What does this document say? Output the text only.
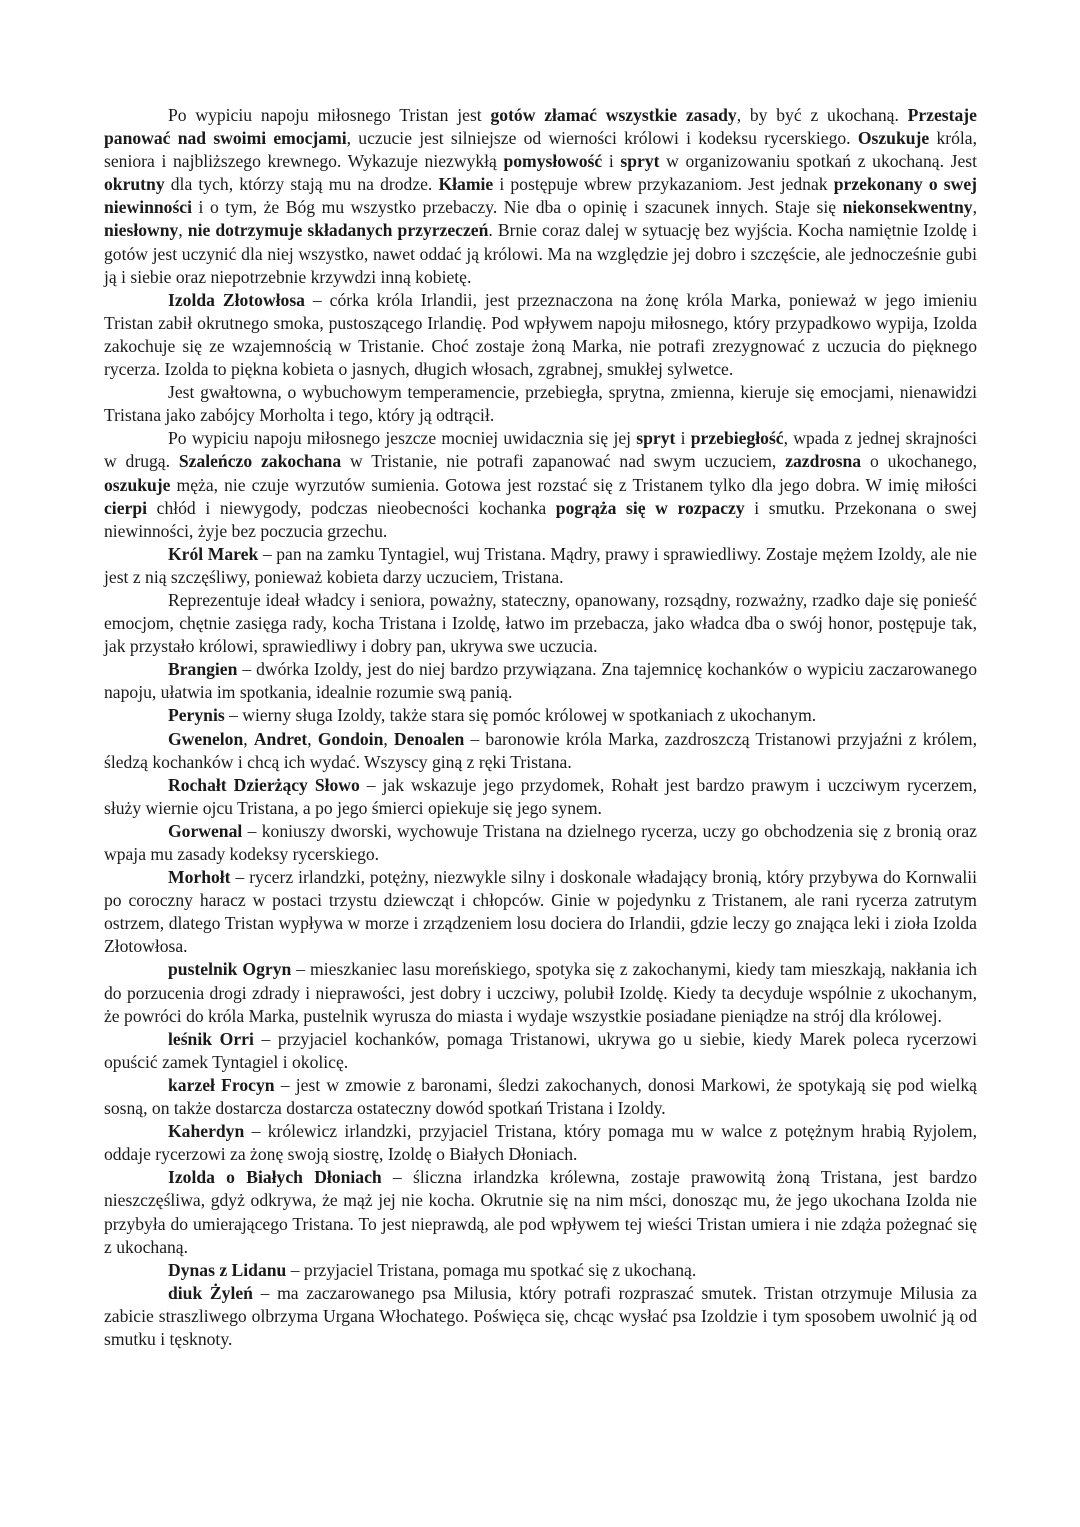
Po wypiciu napoju miłosnego Tristan jest gotów złamać wszystkie zasady, by być z ukochaną. Przestaje panować nad swoimi emocjami, uczucie jest silniejsze od wierności królowi i kodeksu rycerskiego. Oszukuje króla, seniora i najbliższego krewnego. Wykazuje niezwykłą pomysłowość i spryt w organizowaniu spotkań z ukochaną. Jest okrutny dla tych, którzy stają mu na drodze. Kłamie i postępuje wbrew przykazaniom. Jest jednak przekonany o swej niewinności i o tym, że Bóg mu wszystko przebaczy. Nie dba o opinię i szacunek innych. Staje się niekonsekwentny, niesłowny, nie dotrzymuje składanych przyrzeczeń. Brnie coraz dalej w sytuację bez wyjścia. Kocha namiętnie Izoldę i gotów jest uczynić dla niej wszystko, nawet oddać ją królowi. Ma na względzie jej dobro i szczęście, ale jednocześnie gubi ją i siebie oraz niepotrzebnie krzywdzi inną kobietę.

Izolda Złotowłosa – córka króla Irlandii, jest przeznaczona na żonę króla Marka, ponieważ w jego imieniu Tristan zabił okrutnego smoka, pustoszącego Irlandię. Pod wpływem napoju miłosnego, który przypadkowo wypija, Izolda zakochuje się ze wzajemnością w Tristanie. Choć zostaje żoną Marka, nie potrafi zrezygnować z uczucia do pięknego rycerza. Izolda to piękna kobieta o jasnych, długich włosach, zgrabnej, smukłej sylwetce.

Jest gwałtowna, o wybuchowym temperamencie, przebiegła, sprytna, zmienna, kieruje się emocjami, nienawidzi Tristana jako zabójcy Morholta i tego, który ją odtrącił.

Po wypiciu napoju miłosnego jeszcze mocniej uwidacznia się jej spryt i przebiegłość, wpada z jednej skrajności w drugą. Szaleńczo zakochana w Tristanie, nie potrafi zapanować nad swym uczuciem, zazdrosna o ukochanego, oszukuje męża, nie czuje wyrzutów sumienia. Gotowa jest rozstać się z Tristanem tylko dla jego dobra. W imię miłości cierpi chłód i niewygody, podczas nieobecności kochanka pogrąża się w rozpaczy i smutku. Przekonana o swej niewinności, żyje bez poczucia grzechu.

Król Marek – pan na zamku Tyntagiel, wuj Tristana. Mądry, prawy i sprawiedliwy. Zostaje mężem Izoldy, ale nie jest z nią szczęśliwy, ponieważ kobieta darzy uczuciem, Tristana.

Reprezentuje ideał władcy i seniora, poważny, stateczny, opanowany, rozsądny, rozważny, rzadko daje się ponieść emocjom, chętnie zasięga rady, kocha Tristana i Izoldę, łatwo im przebacza, jako władca dba o swój honor, postępuje tak, jak przystało królowi, sprawiedliwy i dobry pan, ukrywa swe uczucia.

Brangien – dwórka Izoldy, jest do niej bardzo przywiązana. Zna tajemnicę kochanków o wypiciu zaczarowanego napoju, ułatwia im spotkania, idealnie rozumie swą panią.

Perynis – wierny sługa Izoldy, także stara się pomóc królowej w spotkaniach z ukochanym.

Gwenelon, Andret, Gondoin, Denoalen – baronowie króla Marka, zazdroszczą Tristanowi przyjaźni z królem, śledzą kochanków i chcą ich wydać. Wszyscy giną z ręki Tristana.

Rochałt Dzierżący Słowo – jak wskazuje jego przydomek, Rohałt jest bardzo prawym i uczciwym rycerzem, służy wiernie ojcu Tristana, a po jego śmierci opiekuje się jego synem.

Gorwenal – koniuszy dworski, wychowuje Tristana na dzielnego rycerza, uczy go obchodzenia się z bronią oraz wpaja mu zasady kodeksy rycerskiego.

Morhołt – rycerz irlandzki, potężny, niezwykle silny i doskonale władający bronią, który przybywa do Kornwalii po coroczny haracz w postaci trzystu dziewcząt i chłopców. Ginie w pojedynku z Tristanem, ale rani rycerza zatrutym ostrzem, dlatego Tristan wypływa w morze i zrządzeniem losu dociera do Irlandii, gdzie leczy go znająca leki i zioła Izolda Złotowłosa.

pustelnik Ogryn – mieszkaniec lasu moreńskiego, spotyka się z zakochanymi, kiedy tam mieszkają, nakłania ich do porzucenia drogi zdrady i nieprawości, jest dobry i uczciwy, polubił Izoldę. Kiedy ta decyduje wspólnie z ukochanym, że powróci do króla Marka, pustelnik wyrusza do miasta i wydaje wszystkie posiadane pieniądze na strój dla królowej.

leśnik Orri – przyjaciel kochanków, pomaga Tristanowi, ukrywa go u siebie, kiedy Marek poleca rycerzowi opuścić zamek Tyntagiel i okolicę.

karzeł Frocyn – jest w zmowie z baronami, śledzi zakochanych, donosi Markowi, że spotykają się pod wielką sosną, on także dostarcza dostarcza ostateczny dowód spotkań Tristana i Izoldy.

Kaherdyn – królewicz irlandzki, przyjaciel Tristana, który pomaga mu w walce z potężnym hrabią Ryjolem, oddaje rycerzowi za żonę swoją siostrę, Izoldę o Białych Dłoniach.

Izolda o Białych Dłoniach – śliczna irlandzka królewna, zostaje prawowitą żoną Tristana, jest bardzo nieszczęśliwa, gdyż odkrywa, że mąż jej nie kocha. Okrutnie się na nim mści, donosząc mu, że jego ukochana Izolda nie przybyła do umierającego Tristana. To jest nieprawdą, ale pod wpływem tej wieści Tristan umiera i nie zdąża pożegnać się z ukochaną.

Dynas z Lidanu – przyjaciel Tristana, pomaga mu spotkać się z ukochaną.

diuk Żyleń – ma zaczarowanego psa Milusia, który potrafi rozpraszać smutek. Tristan otrzymuje Milusia za zabicie straszliwego olbrzyma Urgana Włochatego. Poświęca się, chcąc wysłać psa Izoldzie i tym sposobem uwolnić ją od smutku i tęsknoty.
